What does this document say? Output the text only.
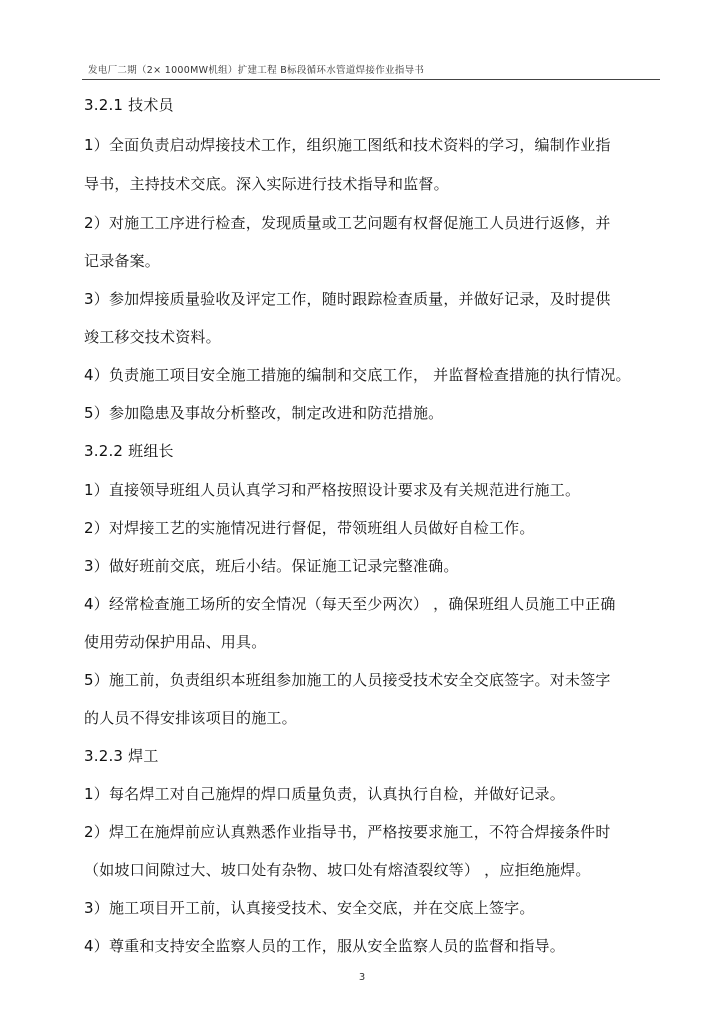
发电厂二期（2× 1000MW机组）扩建工程 B标段循环水管道焊接作业指导书
3.2.1 技术员
1）全面负责启动焊接技术工作，组织施工图纸和技术资料的学习，编制作业指
导书，主持技术交底。深入实际进行技术指导和监督。
2）对施工工序进行检查，发现质量或工艺问题有权督促施工人员进行返修，并
记录备案。
3）参加焊接质量验收及评定工作，随时跟踪检查质量，并做好记录，及时提供
竣工移交技术资料。
4）负责施工项目安全施工措施的编制和交底工作， 并监督检查措施的执行情况。
5）参加隐患及事故分析整改，制定改进和防范措施。
3.2.2 班组长
1）直接领导班组人员认真学习和严格按照设计要求及有关规范进行施工。
2）对焊接工艺的实施情况进行督促，带领班组人员做好自检工作。
3）做好班前交底，班后小结。保证施工记录完整准确。
4）经常检查施工场所的安全情况（每天至少两次） ，确保班组人员施工中正确
使用劳动保护用品、用具。
5）施工前，负责组织本班组参加施工的人员接受技术安全交底签字。对未签字
的人员不得安排该项目的施工。
3.2.3 焊工
1）每名焊工对自己施焊的焊口质量负责，认真执行自检，并做好记录。
2）焊工在施焊前应认真熟悉作业指导书，严格按要求施工，不符合焊接条件时
（如坡口间隙过大、坡口处有杂物、坡口处有熔渣裂纹等） ，应拒绝施焊。
3）施工项目开工前，认真接受技术、安全交底，并在交底上签字。
4）尊重和支持安全监察人员的工作，服从安全监察人员的监督和指导。
3
